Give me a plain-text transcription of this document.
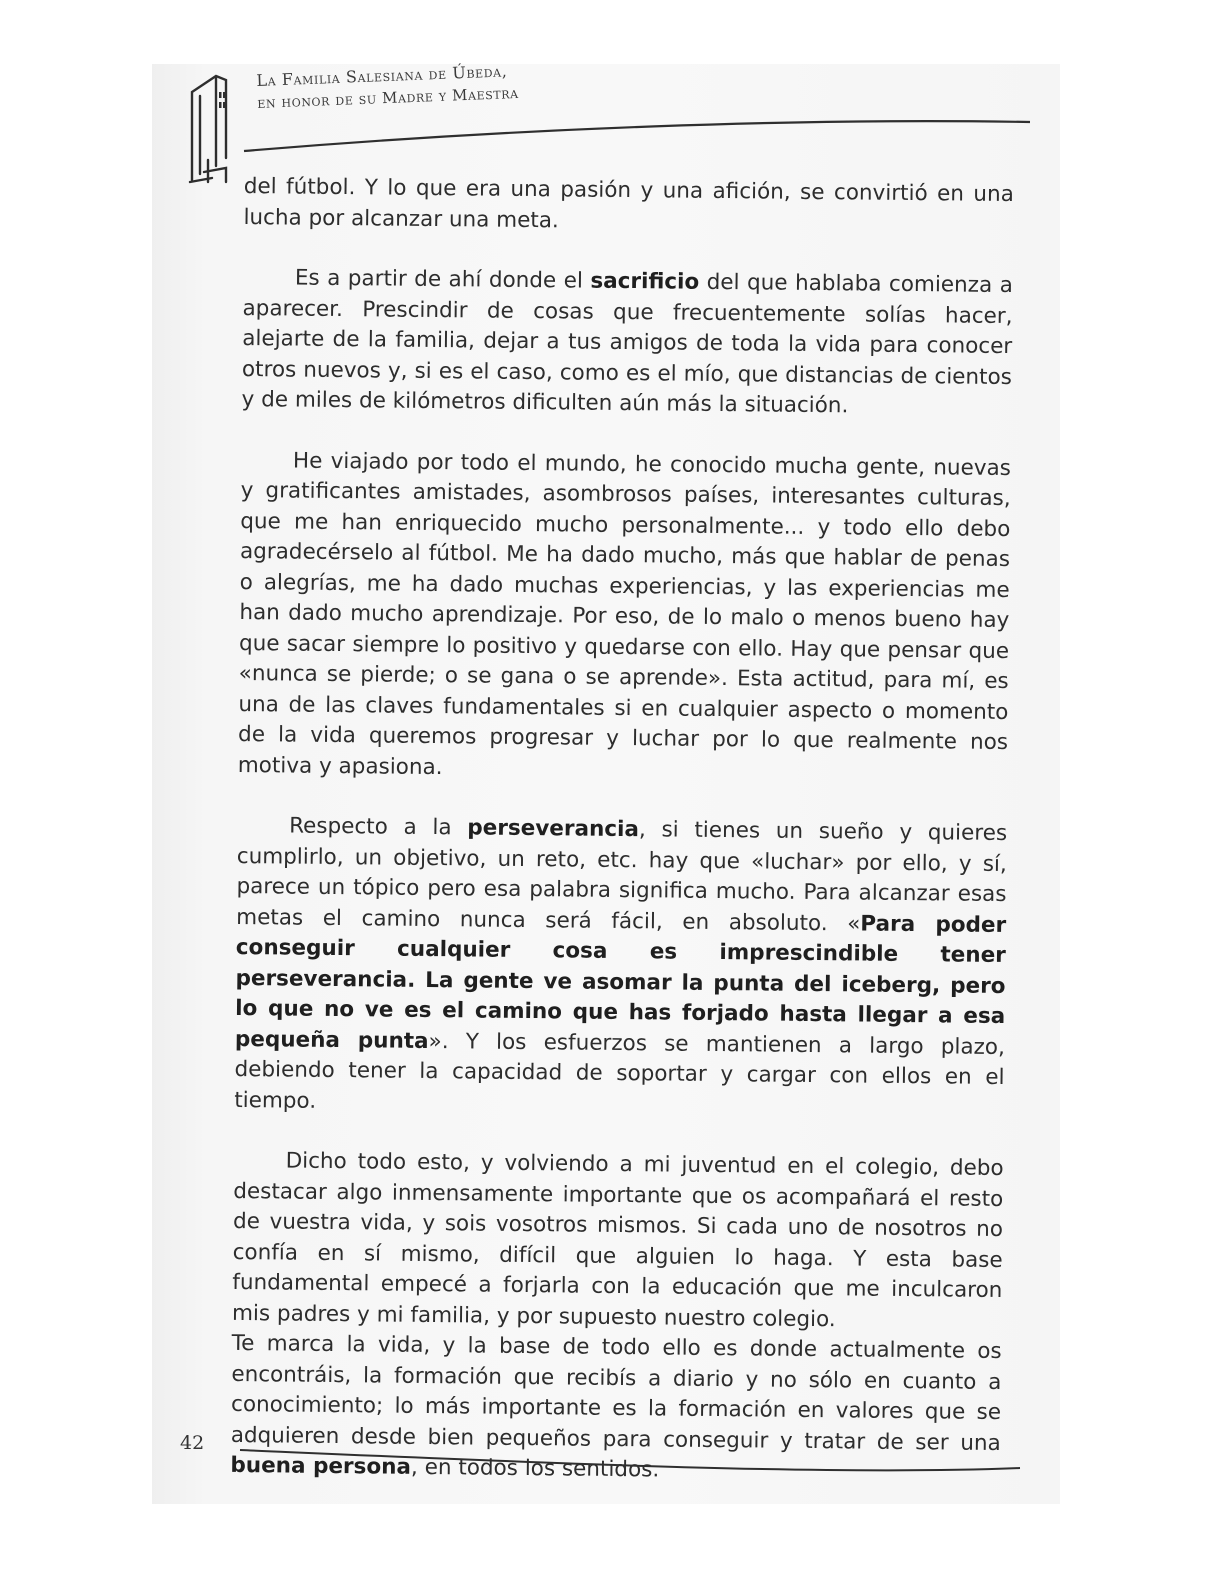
La Familia Salesiana de Úbeda,
en honor de su Madre y Maestra

del fútbol. Y lo que era una pasión y una afición, se convirtió en una lucha por alcanzar una meta.

Es a partir de ahí donde el sacrificio del que hablaba comienza a aparecer. Prescindir de cosas que frecuentemente solías hacer, alejarte de la familia, dejar a tus amigos de toda la vida para conocer otros nuevos y, si es el caso, como es el mío, que distancias de cientos y de miles de kilómetros dificulten aún más la situación.

He viajado por todo el mundo, he conocido mucha gente, nuevas y gratificantes amistades, asombrosos países, interesantes culturas, que me han enriquecido mucho personalmente... y todo ello debo agradecérselo al fútbol. Me ha dado mucho, más que hablar de penas o alegrías, me ha dado muchas experiencias, y las experiencias me han dado mucho aprendizaje. Por eso, de lo malo o menos bueno hay que sacar siempre lo positivo y quedarse con ello. Hay que pensar que «nunca se pierde; o se gana o se aprende». Esta actitud, para mí, es una de las claves fundamentales si en cualquier aspecto o momento de la vida queremos progresar y luchar por lo que realmente nos motiva y apasiona.

Respecto a la perseverancia, si tienes un sueño y quieres cumplirlo, un objetivo, un reto, etc. hay que «luchar» por ello, y sí, parece un tópico pero esa palabra significa mucho. Para alcanzar esas metas el camino nunca será fácil, en absoluto. «Para poder conseguir cualquier cosa es imprescindible tener perseverancia. La gente ve asomar la punta del iceberg, pero lo que no ve es el camino que has forjado hasta llegar a esa pequeña punta». Y los esfuerzos se mantienen a largo plazo, debiendo tener la capacidad de soportar y cargar con ellos en el tiempo.

Dicho todo esto, y volviendo a mi juventud en el colegio, debo destacar algo inmensamente importante que os acompañará el resto de vuestra vida, y sois vosotros mismos. Si cada uno de nosotros no confía en sí mismo, difícil que alguien lo haga. Y esta base fundamental empecé a forjarla con la educación que me inculcaron mis padres y mi familia, y por supuesto nuestro colegio.

Te marca la vida, y la base de todo ello es donde actualmente os encontráis, la formación que recibís a diario y no sólo en cuanto a conocimiento; lo más importante es la formación en valores que se adquieren desde bien pequeños para conseguir y tratar de ser una buena persona, en todos los sentidos.

42
